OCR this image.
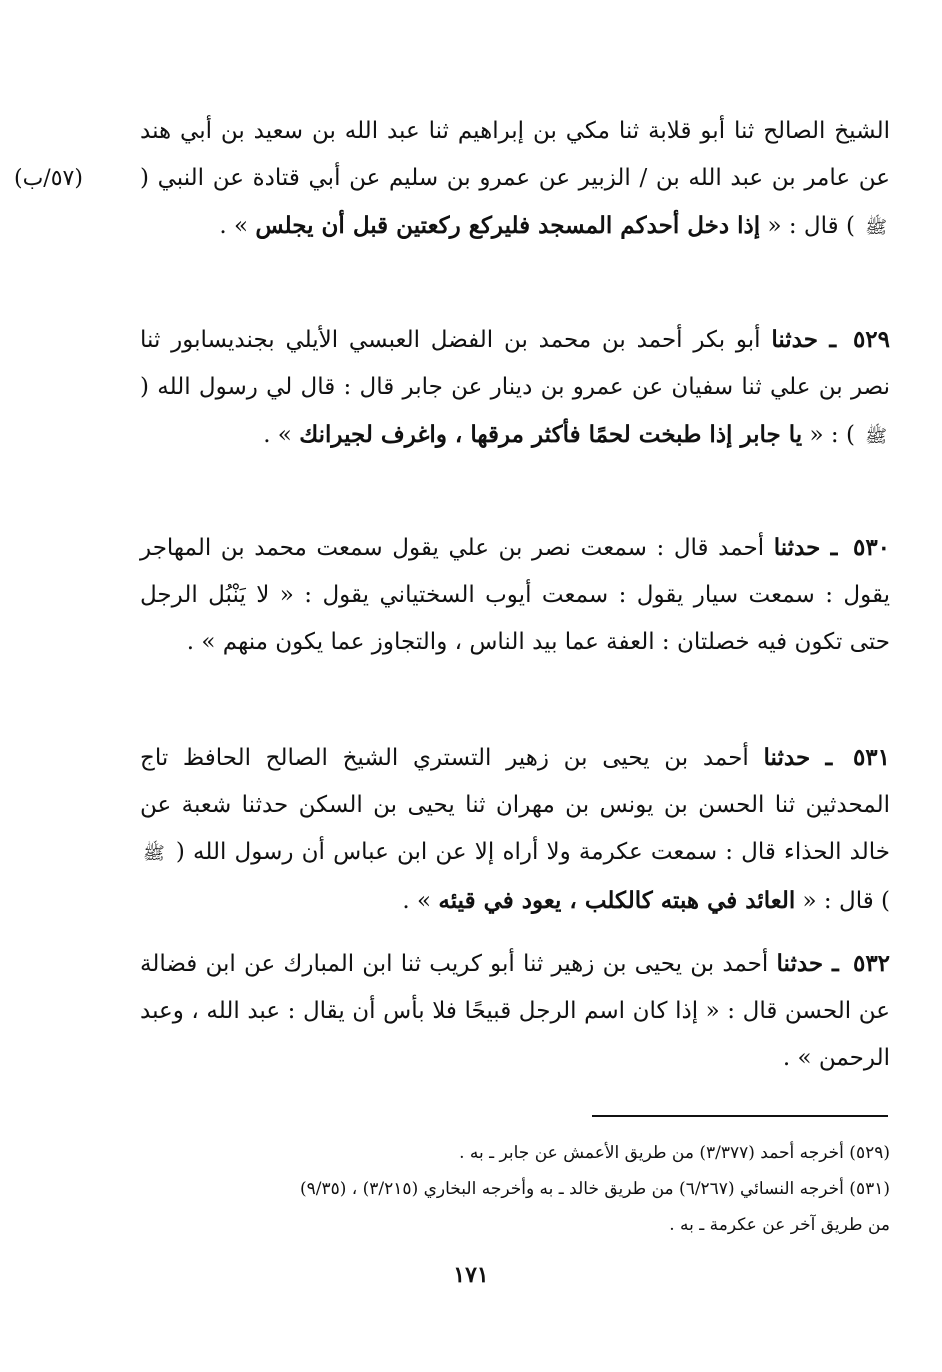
الشيخ الصالح ثنا أبو قلابة ثنا مكي بن إبراهيم ثنا عبد الله بن سعيد بن أبي هند عن عامر بن عبد الله بن / الزبير عن عمرو بن سليم عن أبي قتادة عن النبي ( ﷺ ) قال : « إذا دخل أحدكم المسجد فليركع ركعتين قبل أن يجلس » .
(٥٧/ب)
٥٢٩ ـ حدثنا أبو بكر أحمد بن محمد بن الفضل العبسي الأيلي بجنديسابور ثنا نصر بن علي ثنا سفيان عن عمرو بن دينار عن جابر قال : قال لي رسول الله ( ﷺ ) : « يا جابر إذا طبخت لحمًا فأكثر مرقها ، واغرف لجيرانك » .
٥٣٠ ـ حدثنا أحمد قال : سمعت نصر بن علي يقول سمعت محمد بن المهاجر يقول : سمعت سيار يقول : سمعت أيوب السختياني يقول : « لا يَنْبُل الرجل حتى تكون فيه خصلتان : العفة عما بيد الناس ، والتجاوز عما يكون منهم » .
٥٣١ ـ حدثنا أحمد بن يحيى بن زهير التستري الشيخ الصالح الحافظ تاج المحدثين ثنا الحسن بن يونس بن مهران ثنا يحيى بن السكن حدثنا شعبة عن خالد الحذاء قال : سمعت عكرمة ولا أراه إلا عن ابن عباس أن رسول الله ( ﷺ ) قال : « العائد في هبته كالكلب ، يعود في قيئه » .
٥٣٢ ـ حدثنا أحمد بن يحيى بن زهير ثنا أبو كريب ثنا ابن المبارك عن ابن فضالة عن الحسن قال : « إذا كان اسم الرجل قبيحًا فلا بأس أن يقال : عبد الله ، وعبد الرحمن » .

(٥٢٩) أخرجه أحمد (٣/٣٧٧) من طريق الأعمش عن جابر ـ به .

(٥٣١) أخرجه النسائي (٦/٢٦٧) من طريق خالد ـ به وأخرجه البخاري (٣/٢١٥) ، (٩/٣٥)

من طريق آخر عن عكرمة ـ به .

١٧١
